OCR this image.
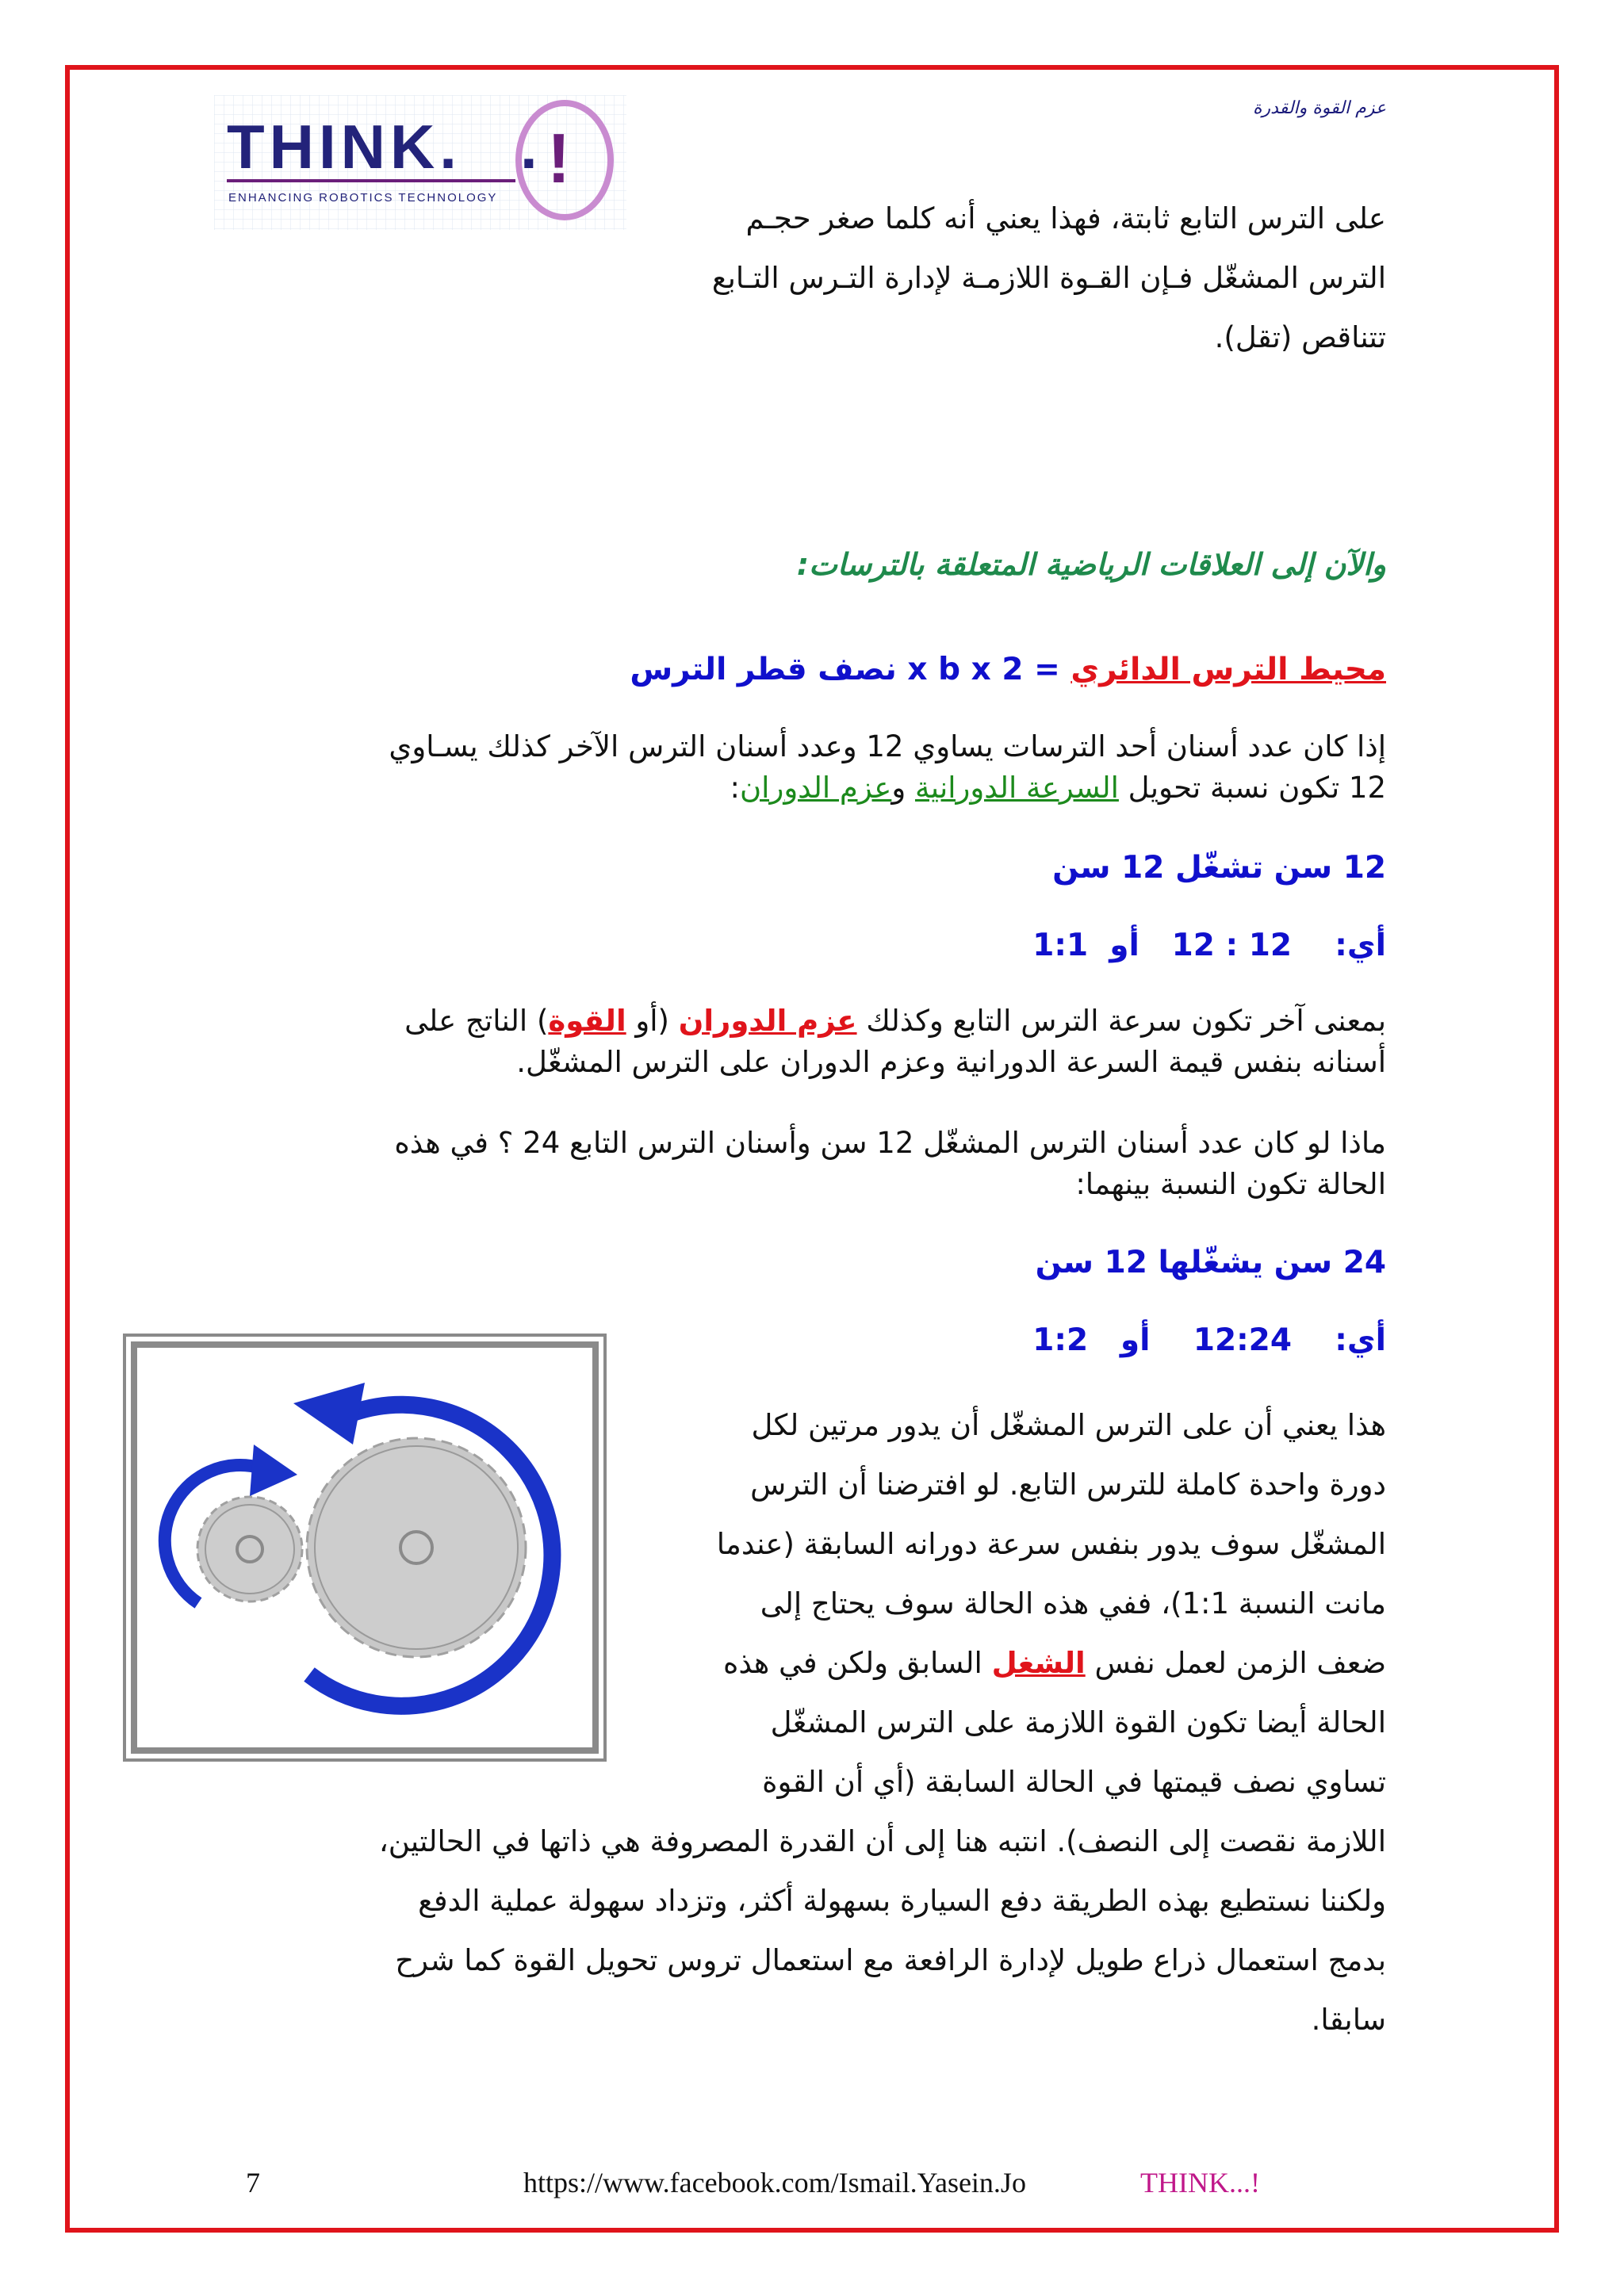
عزم القوة والقدرة
THINK. !
.
ENHANCING ROBOTICS TECHNOLOGY
على الترس التابع ثابتة، فهذا يعني أنه كلما صغر حجـم
الترس المشغّل فـإن القـوة اللازمـة لإدارة التـرس التـابع
تتناقص (تقل).
والآن إلى العلاقات الرياضية المتعلقة بالترسات:
محيط الترس الدائري = 2 x b x نصف قطر الترس
إذا كان عدد أسنان أحد الترسات يساوي 12 وعدد أسنان الترس الآخر كذلك يسـاوي
12 تكون نسبة تحويل السرعة الدورانية وعزم الدوران:
12 سن تشغّل 12 سن
أي:    12 : 12   أو  1:1
بمعنى آخر تكون سرعة الترس التابع وكذلك عزم الدوران (أو القوة) الناتج على
أسنانه بنفس قيمة السرعة الدورانية وعزم الدوران على الترس المشغّل.
ماذا لو كان عدد أسنان الترس المشغّل 12 سن وأسنان الترس التابع 24 ؟ في هذه
الحالة تكون النسبة بينهما:
24 سن يشغّلها 12 سن
أي:    12:24    أو   1:2
هذا يعني أن على الترس المشغّل أن يدور مرتين لكل
دورة واحدة كاملة للترس التابع. لو افترضنا أن الترس
المشغّل سوف يدور بنفس سرعة دورانه السابقة (عندما
مانت النسبة 1:1)، ففي هذه الحالة سوف يحتاج إلى
ضعف الزمن لعمل نفس الشغل السابق ولكن في هذه
الحالة أيضا تكون القوة اللازمة على الترس المشغّل
تساوي نصف قيمتها في الحالة السابقة (أي أن القوة
اللازمة نقصت إلى النصف). انتبه هنا إلى أن القدرة المصروفة هي ذاتها في الحالتين،
ولكننا نستطيع بهذه الطريقة دفع السيارة بسهولة أكثر، وتزداد سهولة عملية الدفع
بدمج استعمال ذراع طويل لإدارة الرافعة مع استعمال تروس تحويل القوة كما شرح
سابقا.
7	https://www.facebook.com/Ismail.Yasein.Jo	THINK...!
